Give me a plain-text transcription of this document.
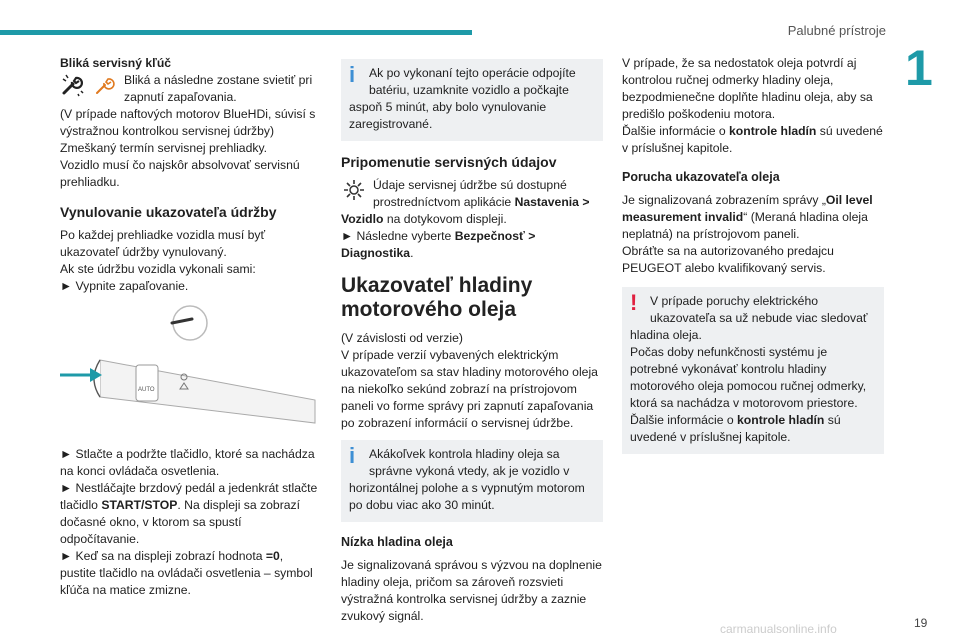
Palubné prístroje
1

Bliká servisný kľúč

Bliká a následne zostane svietiť pri zapnutí zapaľovania.

(V prípade naftových motorov BlueHDi, súvisí s výstražnou kontrolkou servisnej údržby)

Zmeškaný termín servisnej prehliadky.

Vozidlo musí čo najskôr absolvovať servisnú prehliadku.

Vynulovanie ukazovateľa údržby

Po každej prehliadke vozidla musí byť ukazovateľ údržby vynulovaný.

Ak ste údržbu vozidla vykonali sami:

► Vypnite zapaľovanie.

AUTO

► Stlačte a podržte tlačidlo, ktoré sa nachádza na konci ovládača osvetlenia.

► Nestláčajte brzdový pedál a jedenkrát stlačte tlačidlo START/STOP. Na displeji sa zobrazí dočasné okno, v ktorom sa spustí odpočítavanie.

► Keď sa na displeji zobrazí hodnota =0, pustite tlačidlo na ovládači osvetlenia – symbol kľúča na matice zmizne.

i	Ak po vykonaní tejto operácie odpojíte batériu, uzamknite vozidlo a počkajte

aspoň 5 minút, aby bolo vynulovanie zaregistrované.

Pripomenutie servisných údajov

Údaje servisnej údržbe sú dostupné prostredníctvom aplikácie Nastavenia >

Vozidlo na dotykovom displeji.

► Následne vyberte Bezpečnosť >

Diagnostika.

Ukazovateľ hladiny motorového oleja

(V závislosti od verzie)

V prípade verzií vybavených elektrickým ukazovateľom sa stav hladiny motorového oleja na niekoľko sekúnd zobrazí na prístrojovom paneli vo forme správy pri zapnutí zapaľovania po zobrazení informácií o servisnej údržbe.

i	Akákoľvek kontrola hladiny oleja sa správne vykoná vtedy, ak je vozidlo v

horizontálnej polohe a s vypnutým motorom po dobu viac ako 30 minút.

Nízka hladina oleja

Je signalizovaná správou s výzvou na doplnenie hladiny oleja, pričom sa zároveň rozsvieti výstražná kontrolka servisnej údržby a zaznie zvukový signál.

V prípade, že sa nedostatok oleja potvrdí aj kontrolou ručnej odmerky hladiny oleja, bezpodmienečne doplňte hladinu oleja, aby sa predišlo poškodeniu motora.

Ďalšie informácie o kontrole hladín sú uvedené v príslušnej kapitole.

Porucha ukazovateľa oleja

Je signalizovaná zobrazením správy „Oil level measurement invalid“ (Meraná hladina oleja neplatná) na prístrojovom paneli.

Obráťte sa na autorizovaného predajcu PEUGEOT alebo kvalifikovaný servis.

!	V prípade poruchy elektrického ukazovateľa sa už nebude viac sledovať

hladina oleja.

Počas doby nefunkčnosti systému je potrebné vykonávať kontrolu hladiny motorového oleja pomocou ručnej odmerky, ktorá sa nachádza v motorovom priestore.

Ďalšie informácie o kontrole hladín sú uvedené v príslušnej kapitole.

19
carmanualsonline.info
